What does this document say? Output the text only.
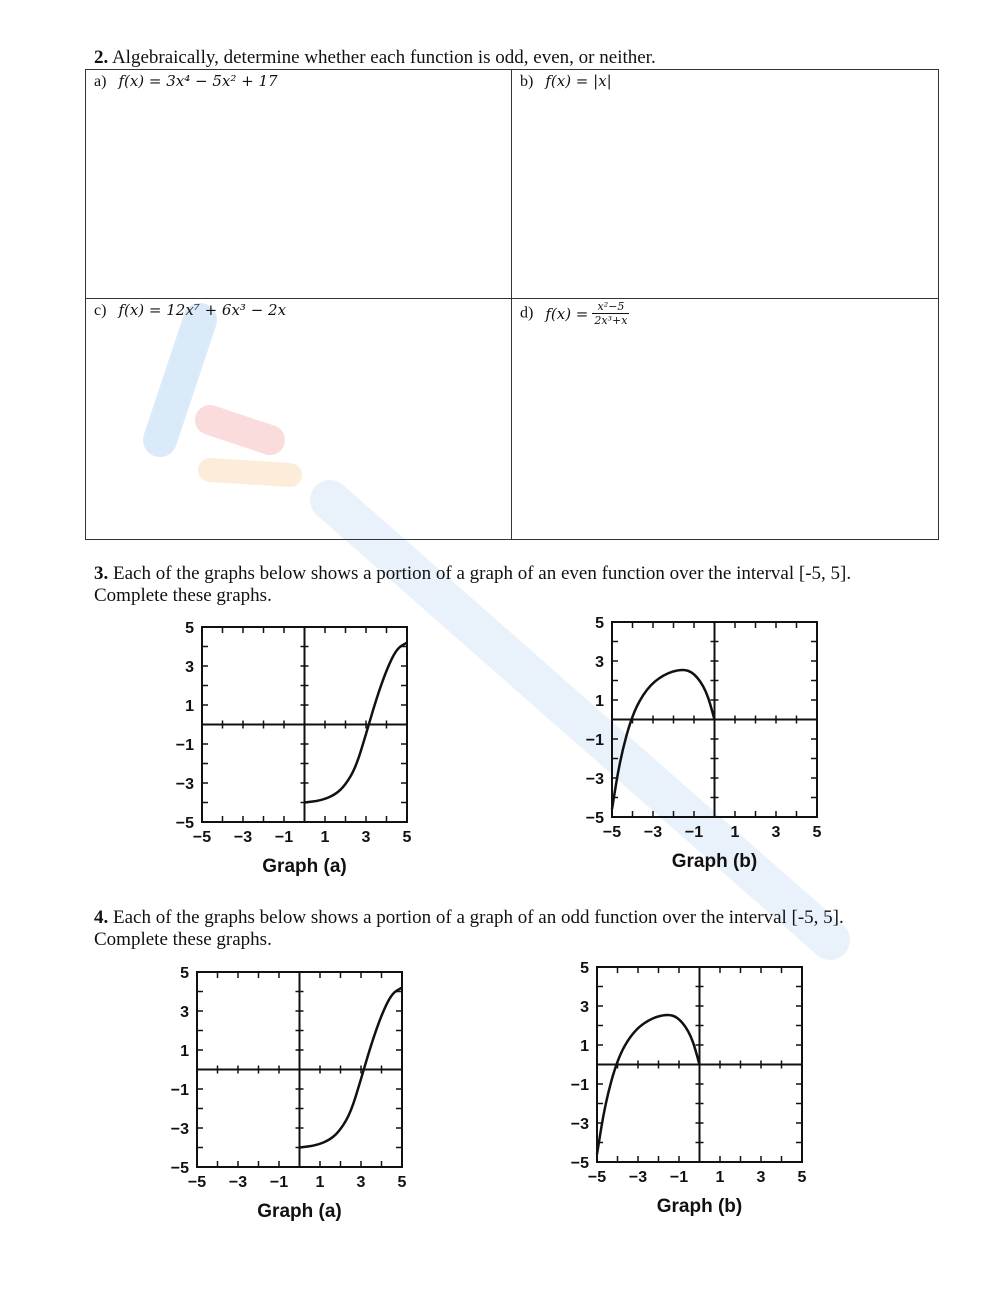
2. Algebraically, determine whether each function is odd, even, or neither.
a) f(x) = 3x⁴ − 5x² + 17	b) f(x) = |x|
c) f(x) = 12x⁷ + 6x³ − 2x	d) $f(x) = \frac{\text{x²−5}}{\text{2x³+x}}$
3. Each of the graphs below shows a portion of a graph of an even function over the interval [-5, 5].
Complete these graphs.
4. Each of the graphs below shows a portion of a graph of an odd function over the interval [-5, 5].
Complete these graphs.
5
3
1
−1
−3
−5
−5 −3 −1 1 3 5
Graph (a)
5
3
1
−1
−3
−5
−5 −3 −1 1 3 5
Graph (b)
5
3
1
−1
−3
−5
−5 −3 −1 1 3 5
Graph (a)
5
3
1
−1
−3
−5
−5 −3 −1 1 3 5
Graph (b)
